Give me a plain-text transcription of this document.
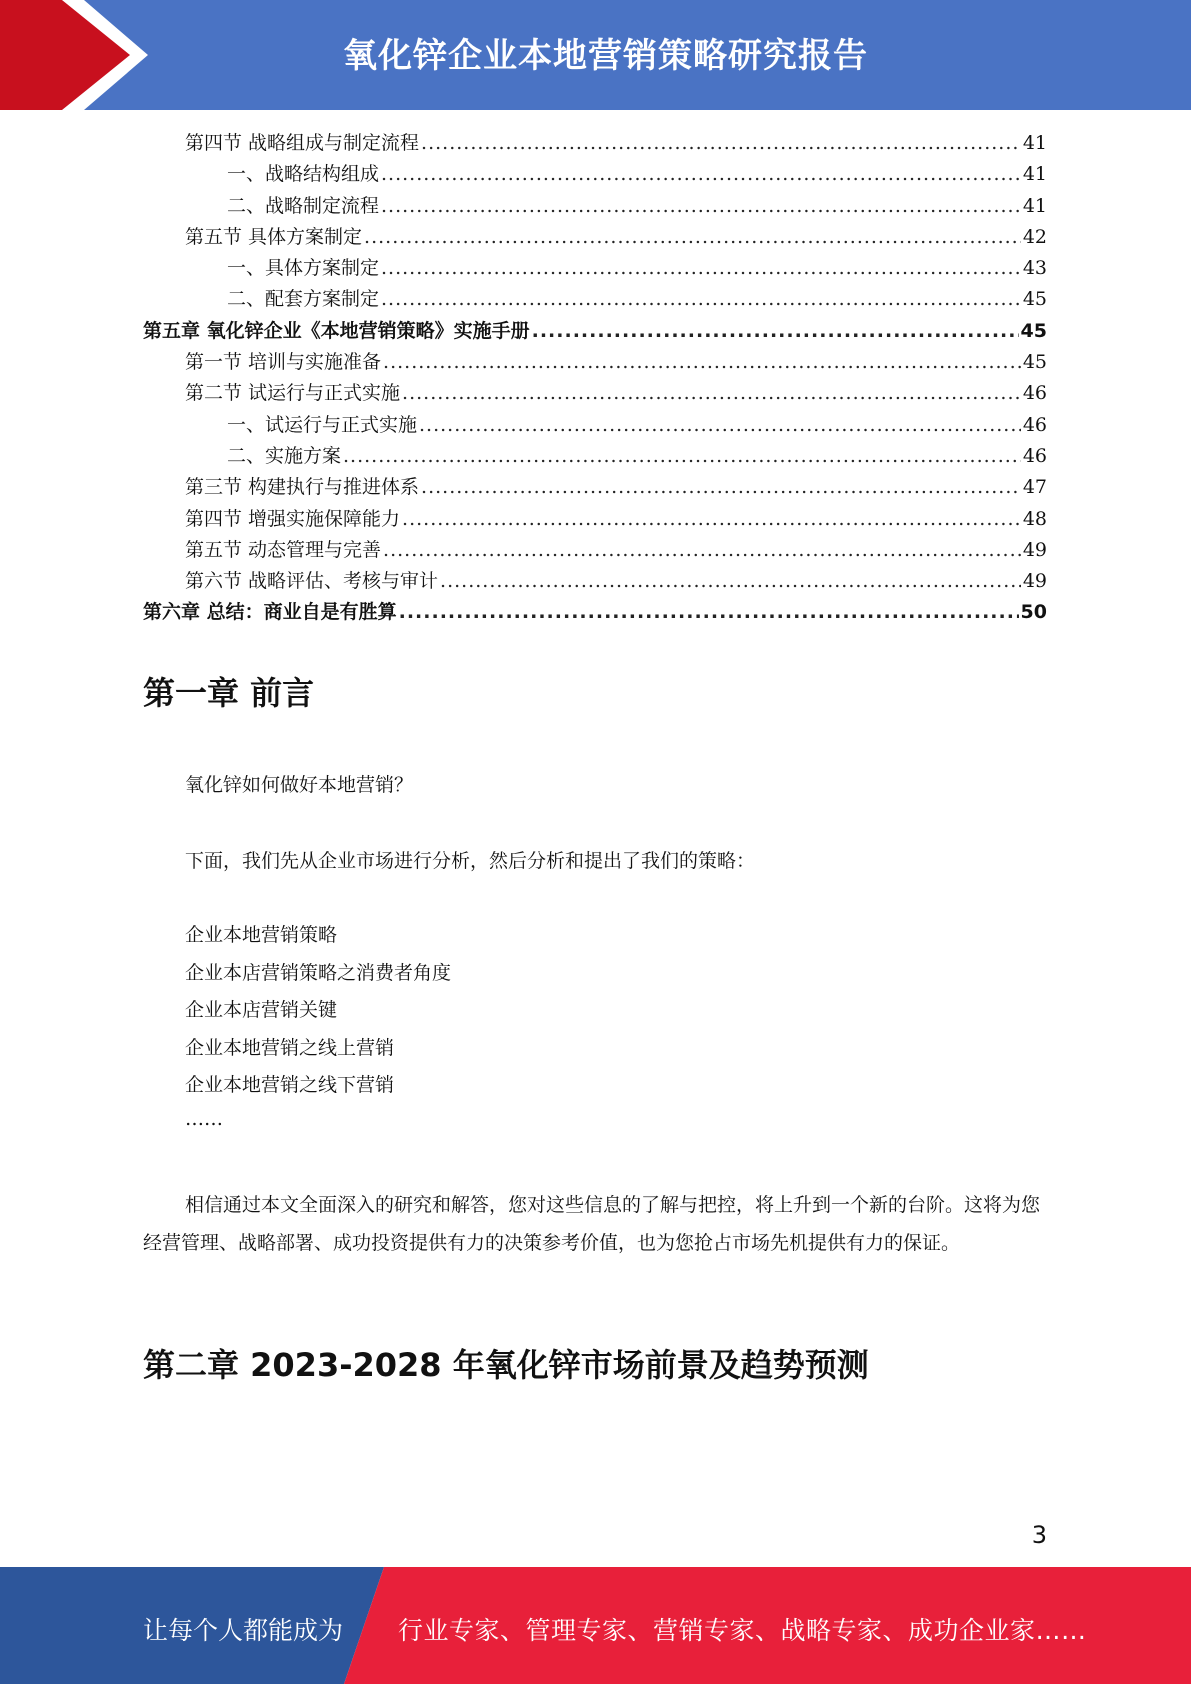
氧化锌企业本地营销策略研究报告
第四节 战略组成与制定流程 .....	41
一、战略结构组成 .....	41
二、战略制定流程 .....	41
第五节 具体方案制定 .....	42
一、具体方案制定 .....	43
二、配套方案制定 .....	45
第五章 氧化锌企业《本地营销策略》实施手册 .....	45
第一节 培训与实施准备 .....	45
第二节 试运行与正式实施 .....	46
一、试运行与正式实施 .....	46
二、实施方案 .....	46
第三节 构建执行与推进体系 .....	47
第四节 增强实施保障能力 .....	48
第五节 动态管理与完善 .....	49
第六节 战略评估、考核与审计 .....	49
第六章 总结：商业自是有胜算 .....	50
第一章 前言
氧化锌如何做好本地营销？
下面，我们先从企业市场进行分析，然后分析和提出了我们的策略：
企业本地营销策略
企业本店营销策略之消费者角度
企业本店营销关键
企业本地营销之线上营销
企业本地营销之线下营销
……
相信通过本文全面深入的研究和解答，您对这些信息的了解与把控，将上升到一个新的台阶。这将为您经营管理、战略部署、成功投资提供有力的决策参考价值，也为您抢占市场先机提供有力的保证。
第二章 2023-2028 年氧化锌市场前景及趋势预测
3
让每个人都能成为 行业专家、管理专家、营销专家、战略专家、成功企业家……
